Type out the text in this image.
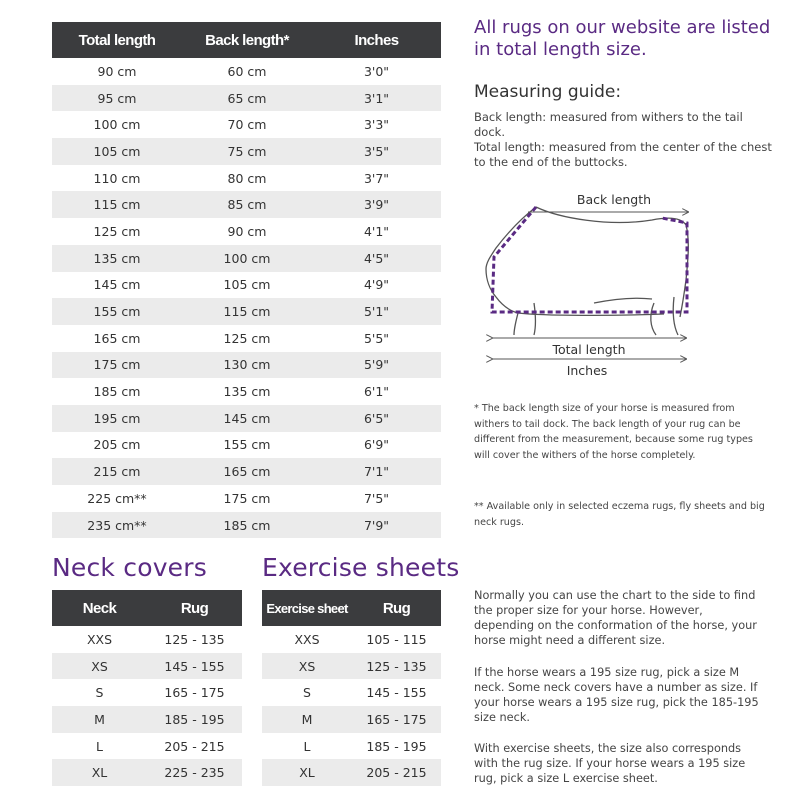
Total length	Back length*	Inches
90 cm	60 cm	3'0"
95 cm	65 cm	3'1"
100 cm	70 cm	3'3"
105 cm	75 cm	3'5"
110 cm	80 cm	3'7"
115 cm	85 cm	3'9"
125 cm	90 cm	4'1"
135 cm	100 cm	4'5"
145 cm	105 cm	4'9"
155 cm	115 cm	5'1"
165 cm	125 cm	5'5"
175 cm	130 cm	5'9"
185 cm	135 cm	6'1"
195 cm	145 cm	6'5"
205 cm	155 cm	6'9"
215 cm	165 cm	7'1"
225 cm**	175 cm	7'5"
235 cm**	185 cm	7'9"
All rugs on our website are listed in total length size.
Measuring guide:
Back length: measured from withers to the tail dock.
Total length: measured from the center of the chest to the end of the buttocks.
Back length
Total length
Inches
* The back length size of your horse is measured from withers to tail dock. The back length of your rug can be different from the measurement, because some rug types will cover the withers of the horse completely.
** Available only in selected eczema rugs, fly sheets and big neck rugs.
Neck covers Exercise sheets
Neck	Rug
XXS	125 - 135
XS	145 - 155
S	165 - 175
M	185 - 195
L	205 - 215
XL	225 - 235
Exercise sheet	Rug
XXS	105 - 115
XS	125 - 135
S	145 - 155
M	165 - 175
L	185 - 195
XL	205 - 215
Normally you can use the chart to the side to find the proper size for your horse. However, depending on the conformation of the horse, your horse might need a different size.
If the horse wears a 195 size rug, pick a size M neck. Some neck covers have a number as size. If your horse wears a 195 size rug, pick the 185-195 size neck.
With exercise sheets, the size also corresponds with the rug size. If your horse wears a 195 size rug, pick a size L exercise sheet.
